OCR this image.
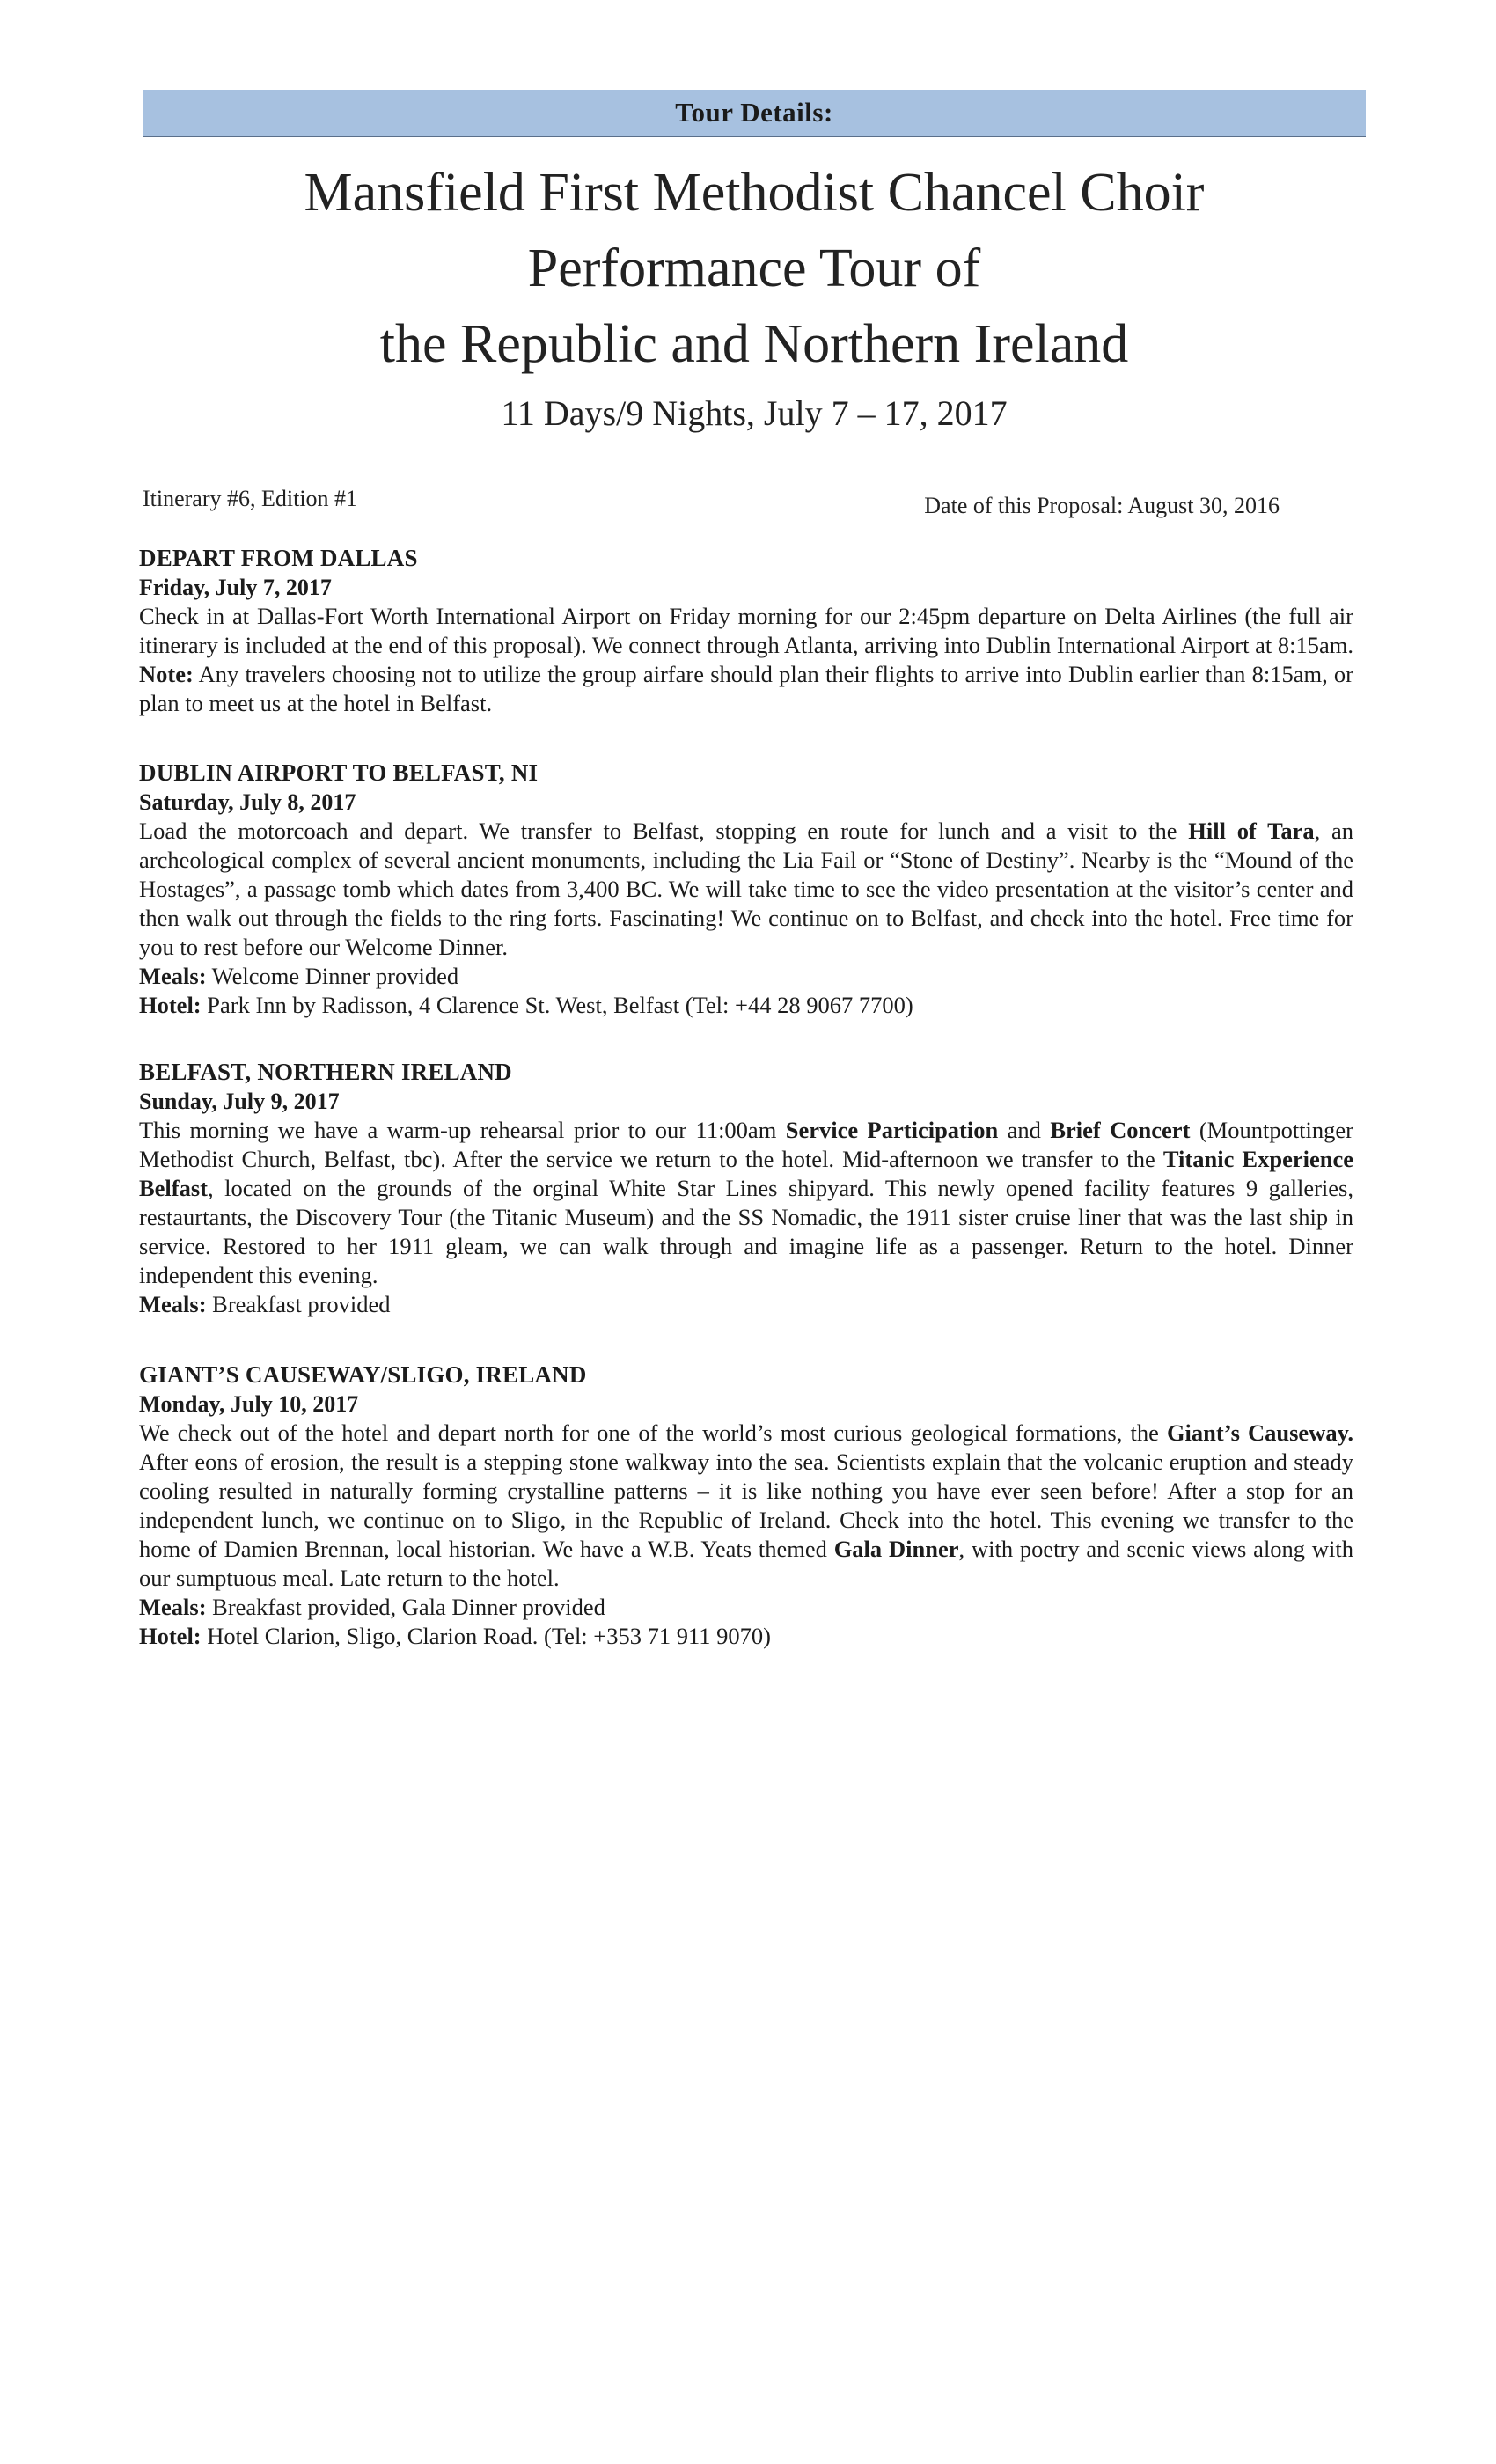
Tour Details:
Mansfield First Methodist Chancel Choir
Performance Tour of
the Republic and Northern Ireland
11 Days/9 Nights, July 7 – 17, 2017
Itinerary #6, Edition #1	Date of this Proposal: August 30, 2016
DEPART FROM DALLAS
Friday, July 7, 2017

Check in at Dallas-Fort Worth International Airport on Friday morning for our 2:45pm departure on Delta Airlines (the full air itinerary is included at the end of this proposal). We connect through Atlanta, arriving into Dublin International Airport at 8:15am. Note: Any travelers choosing not to utilize the group airfare should plan their flights to arrive into Dublin earlier than 8:15am, or plan to meet us at the hotel in Belfast.

DUBLIN AIRPORT TO BELFAST, NI
Saturday, July 8, 2017

Load the motorcoach and depart. We transfer to Belfast, stopping en route for lunch and a visit to the Hill of Tara, an archeological complex of several ancient monuments, including the Lia Fail or “Stone of Destiny”. Nearby is the “Mound of the Hostages”, a passage tomb which dates from 3,400 BC. We will take time to see the video presentation at the visitor’s center and then walk out through the fields to the ring forts. Fascinating! We continue on to Belfast, and check into the hotel. Free time for you to rest before our Welcome Dinner.

Meals: Welcome Dinner provided

Hotel: Park Inn by Radisson, 4 Clarence St. West, Belfast (Tel: +44 28 9067 7700)

BELFAST, NORTHERN IRELAND
Sunday, July 9, 2017

This morning we have a warm-up rehearsal prior to our 11:00am Service Participation and Brief Concert (Mountpottinger Methodist Church, Belfast, tbc). After the service we return to the hotel. Mid-afternoon we transfer to the Titanic Experience Belfast, located on the grounds of the orginal White Star Lines shipyard. This newly opened facility features 9 galleries, restaurtants, the Discovery Tour (the Titanic Museum) and the SS Nomadic, the 1911 sister cruise liner that was the last ship in service. Restored to her 1911 gleam, we can walk through and imagine life as a passenger. Return to the hotel. Dinner independent this evening.

Meals: Breakfast provided

GIANT’S CAUSEWAY/SLIGO, IRELAND
Monday, July 10, 2017

We check out of the hotel and depart north for one of the world’s most curious geological formations, the Giant’s Causeway. After eons of erosion, the result is a stepping stone walkway into the sea. Scientists explain that the volcanic eruption and steady cooling resulted in naturally forming crystalline patterns – it is like nothing you have ever seen before! After a stop for an independent lunch, we continue on to Sligo, in the Republic of Ireland. Check into the hotel. This evening we transfer to the home of Damien Brennan, local historian. We have a W.B. Yeats themed Gala Dinner, with poetry and scenic views along with our sumptuous meal. Late return to the hotel.

Meals: Breakfast provided, Gala Dinner provided

Hotel: Hotel Clarion, Sligo, Clarion Road. (Tel: +353 71 911 9070)
